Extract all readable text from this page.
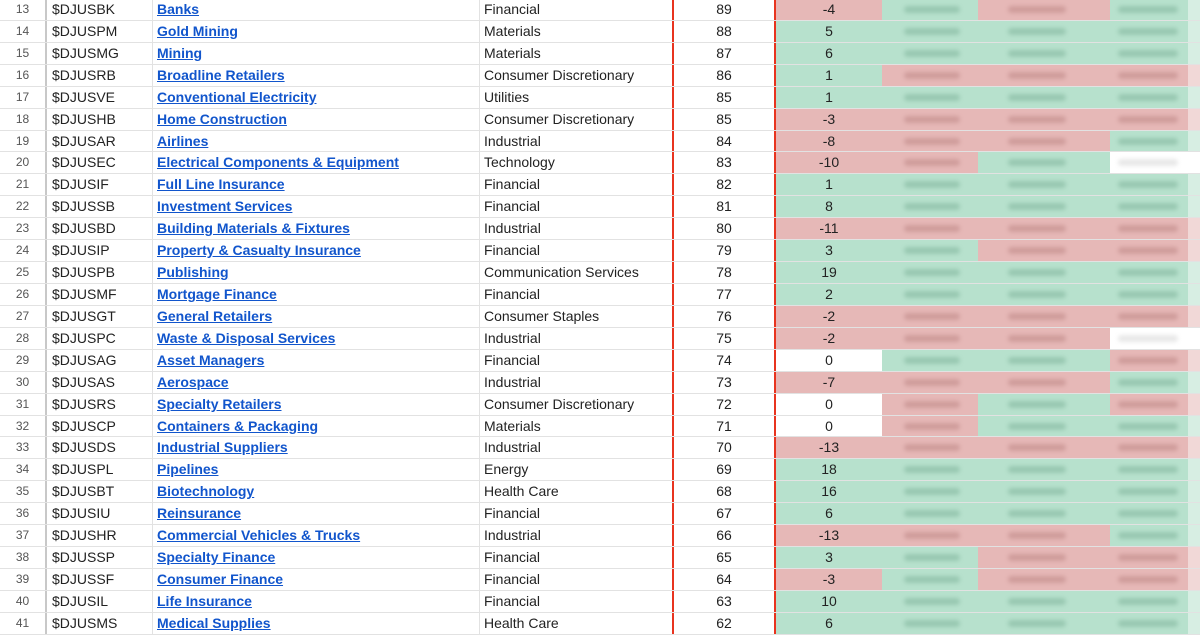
13	$DJUSBK	Banks	Financial	89	-4
14	$DJUSPM	Gold Mining	Materials	88	5
15	$DJUSMG	Mining	Materials	87	6
16	$DJUSRB	Broadline Retailers	Consumer Discretionary	86	1
17	$DJUSVE	Conventional Electricity	Utilities	85	1
18	$DJUSHB	Home Construction	Consumer Discretionary	85	-3
19	$DJUSAR	Airlines	Industrial	84	-8
20	$DJUSEC	Electrical Components & Equipment	Technology	83	-10
21	$DJUSIF	Full Line Insurance	Financial	82	1
22	$DJUSSB	Investment Services	Financial	81	8
23	$DJUSBD	Building Materials & Fixtures	Industrial	80	-11
24	$DJUSIP	Property & Casualty Insurance	Financial	79	3
25	$DJUSPB	Publishing	Communication Services	78	19
26	$DJUSMF	Mortgage Finance	Financial	77	2
27	$DJUSGT	General Retailers	Consumer Staples	76	-2
28	$DJUSPC	Waste & Disposal Services	Industrial	75	-2
29	$DJUSAG	Asset Managers	Financial	74	0
30	$DJUSAS	Aerospace	Industrial	73	-7
31	$DJUSRS	Specialty Retailers	Consumer Discretionary	72	0
32	$DJUSCP	Containers & Packaging	Materials	71	0
33	$DJUSDS	Industrial Suppliers	Industrial	70	-13
34	$DJUSPL	Pipelines	Energy	69	18
35	$DJUSBT	Biotechnology	Health Care	68	16
36	$DJUSIU	Reinsurance	Financial	67	6
37	$DJUSHR	Commercial Vehicles & Trucks	Industrial	66	-13
38	$DJUSSP	Specialty Finance	Financial	65	3
39	$DJUSSF	Consumer Finance	Financial	64	-3
40	$DJUSIL	Life Insurance	Financial	63	10
41	$DJUSMS	Medical Supplies	Health Care	62	6
